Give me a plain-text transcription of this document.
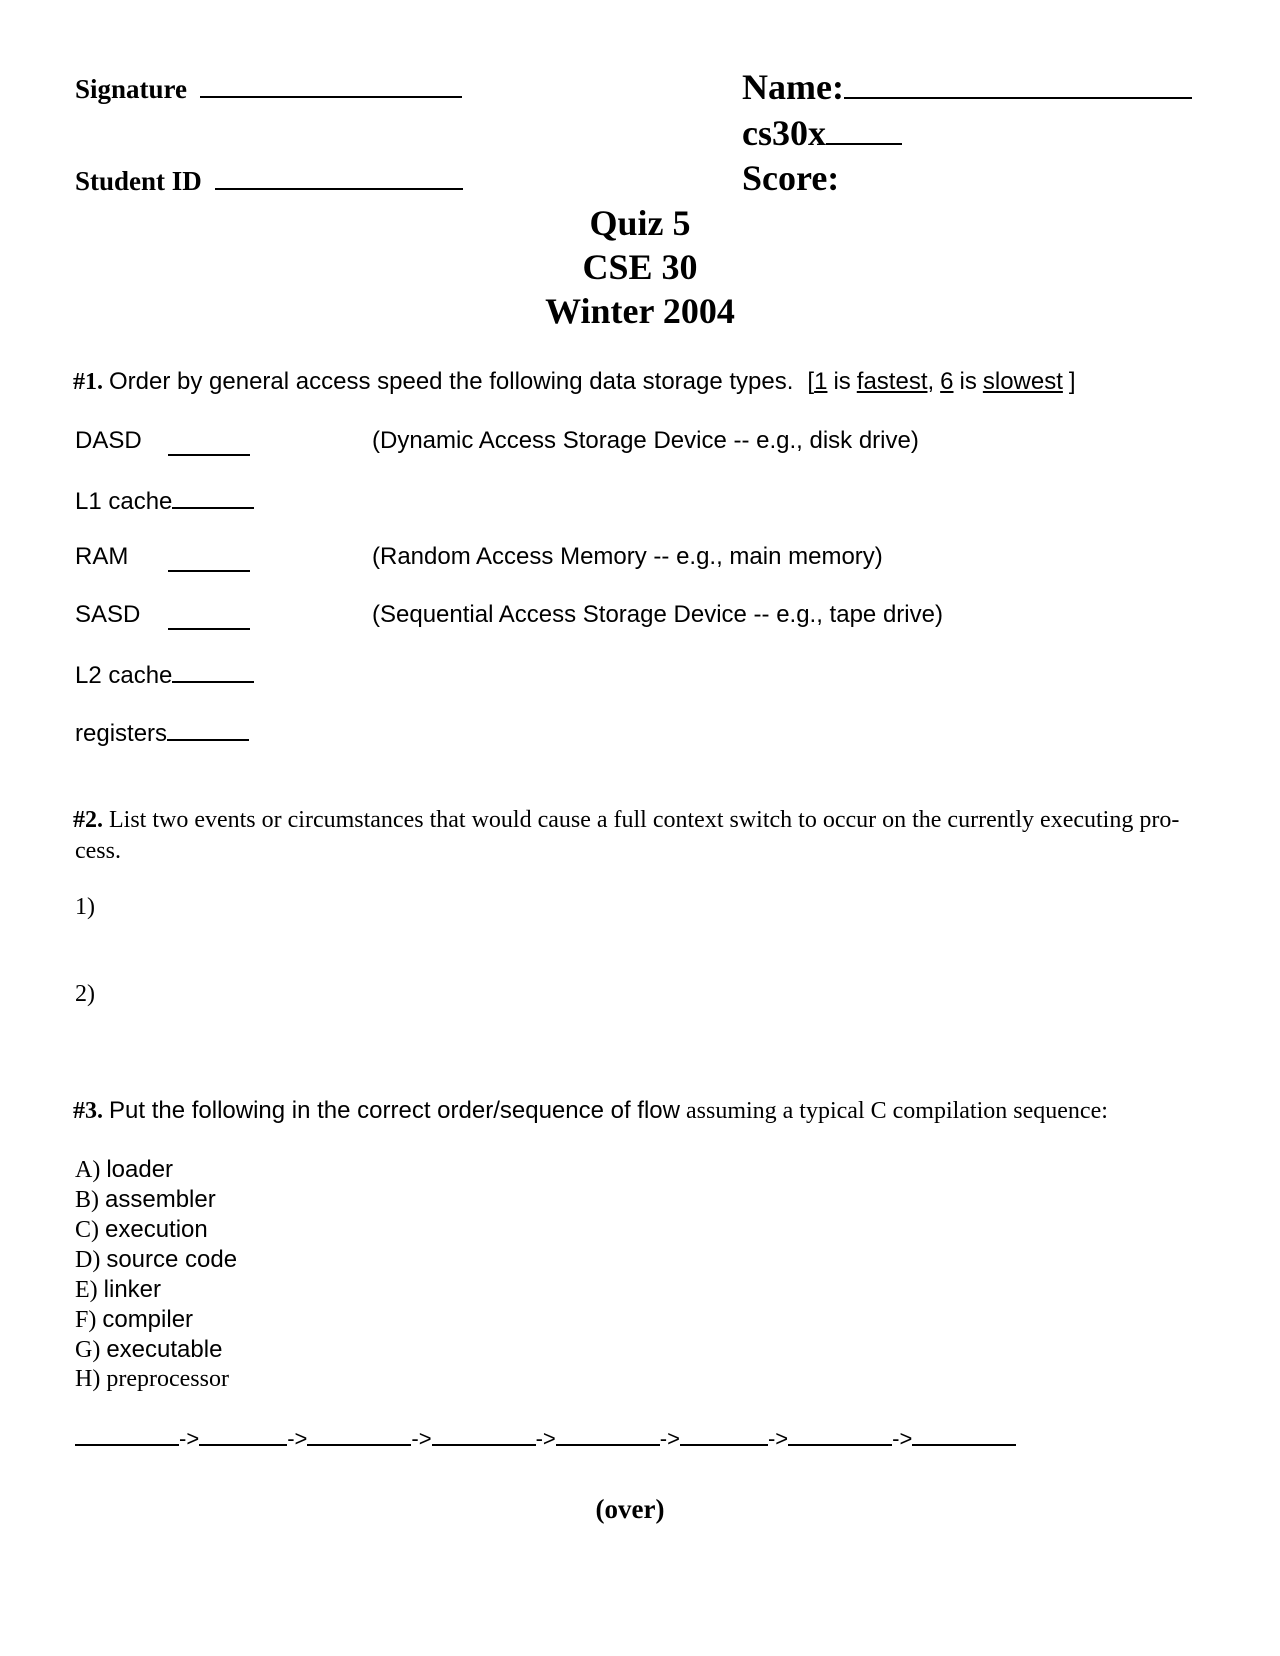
Signature
Student ID
Name:
cs30x
Score:
Quiz 5
CSE 30
Winter 2004
#1. Order by general access speed the following data storage types. [1 is fastest, 6 is slowest ]
DASD	(Dynamic Access Storage Device -- e.g., disk drive)
L1 cache
RAM	(Random Access Memory -- e.g., main memory)
SASD	(Sequential Access Storage Device -- e.g., tape drive)
L2 cache
registers
#2. List two events or circumstances that would cause a full context switch to occur on the currently executing pro-
cess.
1)
2)
#3. Put the following in the correct order/sequence of flow assuming a typical C compilation sequence:
A) loader
B) assembler
C) execution
D) source code
E) linker
F) compiler
G) executable
H) preprocessor
->	->	->	->	->	->	->
(over)
